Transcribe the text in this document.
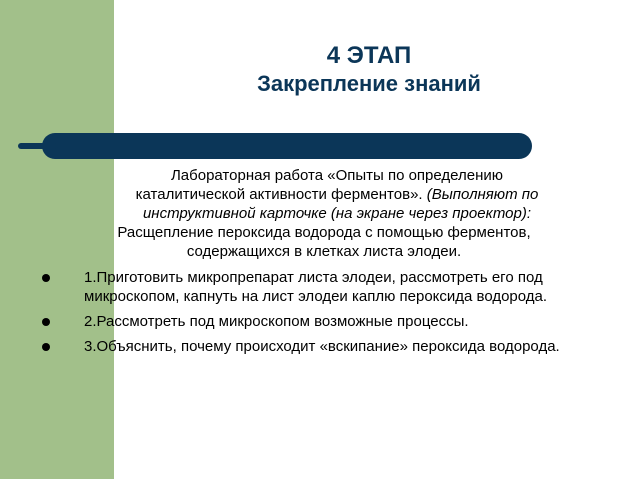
4 ЭТАП
Закрепление знаний
Лабораторная работа «Опыты по определению
каталитической активности ферментов». (Выполняют по
инструктивной карточке (на экране через проектор):
Расщепление пероксида водорода с помощью ферментов,
содержащихся в клетках листа элодеи.
1.Приготовить микропрепарат листа элодеи, рассмотреть его под микроскопом, капнуть на лист элодеи каплю пероксида водорода.
2.Рассмотреть под микроскопом возможные процессы.
3.Объяснить, почему происходит «вскипание» пероксида водорода.
